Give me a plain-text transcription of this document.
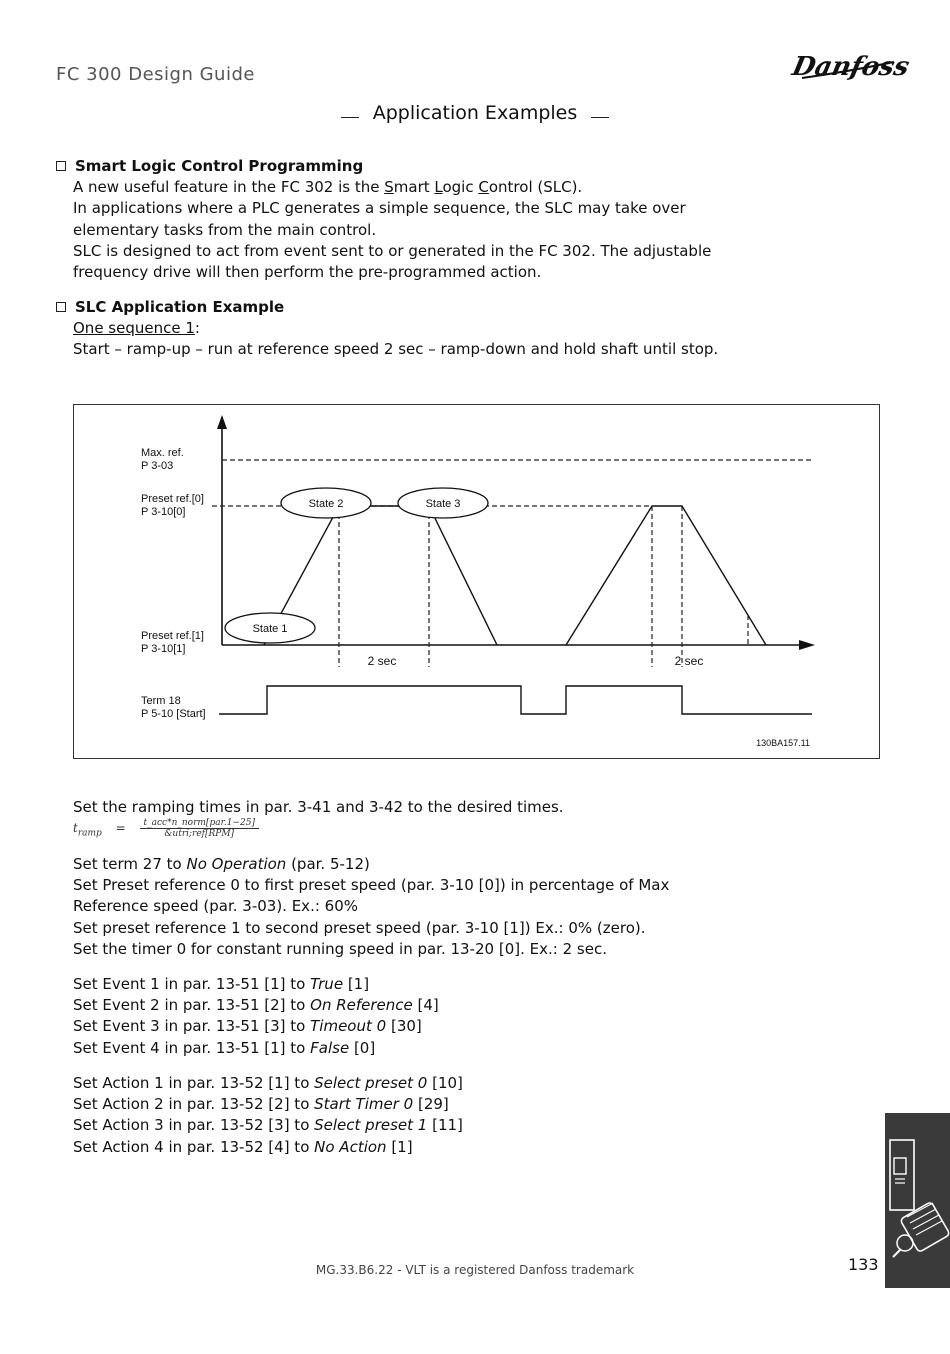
FC 300 Design Guide	Danfoss
Application Examples
Smart Logic Control Programming
A new useful feature in the FC 302 is the Smart Logic Control (SLC).
In applications where a PLC generates a simple sequence, the SLC may take over
elementary tasks from the main control.
SLC is designed to act from event sent to or generated in the FC 302. The adjustable
frequency drive will then perform the pre-programmed action.
SLC Application Example
One sequence 1:
Start – ramp-up – run at reference speed 2 sec – ramp-down and hold shaft until stop.
Max. ref.
P 3-03
Preset ref.[0]
P 3-10[0]
Preset ref.[1]
P 3-10[1]
Term 18
P 5-10 [Start]
State 1
State 2	State 3
2 sec	2 sec
130BA157.11
Set the ramping times in par. 3-41 and 3-42 to the desired times.
$t_{ramp} = \frac{\text{t\_acc*n\_norm[par.1−25]}}{\text{\&utri;ref[RPM]}}$
Set term 27 to No Operation (par. 5-12)
Set Preset reference 0 to first preset speed (par. 3-10 [0]) in percentage of Max
Reference speed (par. 3-03). Ex.: 60%
Set preset reference 1 to second preset speed (par. 3-10 [1]) Ex.: 0% (zero).
Set the timer 0 for constant running speed in par. 13-20 [0]. Ex.: 2 sec.
Set Event 1 in par. 13-51 [1] to True [1]
Set Event 2 in par. 13-51 [2] to On Reference [4]
Set Event 3 in par. 13-51 [3] to Timeout 0 [30]
Set Event 4 in par. 13-51 [1] to False [0]
Set Action 1 in par. 13-52 [1] to Select preset 0 [10]
Set Action 2 in par. 13-52 [2] to Start Timer 0 [29]
Set Action 3 in par. 13-52 [3] to Select preset 1 [11]
Set Action 4 in par. 13-52 [4] to No Action [1]
133
MG.33.B6.22 - VLT is a registered Danfoss trademark
